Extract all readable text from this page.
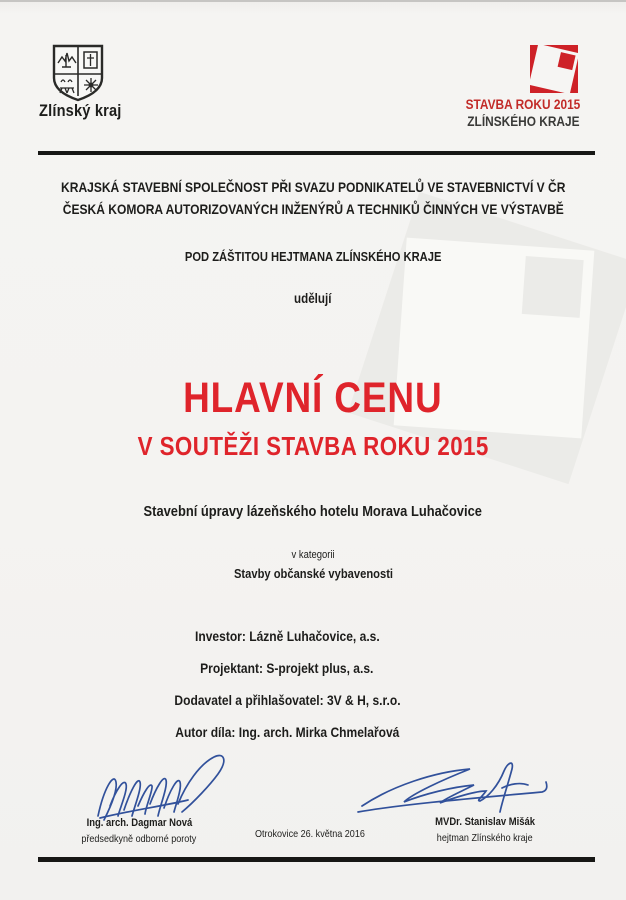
Zlínský kraj	STAVBA ROKU 2015
ZLÍNSKÉHO KRAJE
KRAJSKÁ STAVEBNÍ SPOLEČNOST PŘI SVAZU PODNIKATELŮ VE STAVEBNICTVÍ V ČR
ČESKÁ KOMORA AUTORIZOVANÝCH INŽENÝRŮ A TECHNIKŮ ČINNÝCH VE VÝSTAVBĚ
POD ZÁŠTITOU HEJTMANA ZLÍNSKÉHO KRAJE
udělují
HLAVNÍ CENU
V SOUTĚŽI STAVBA ROKU 2015
Stavební úpravy lázeňského hotelu Morava Luhačovice
v kategorii
Stavby občanské vybavenosti
Investor: Lázně Luhačovice, a.s.
Projektant: S-projekt plus, a.s.
Dodavatel a přihlašovatel: 3V & H, s.r.o.
Autor díla: Ing. arch. Mirka Chmelařová
Ing. arch. Dagmar Nová
předsedkyně odborné poroty	Otrokovice 26. května 2016
MVDr. Stanislav Mišák
hejtman Zlínského kraje
